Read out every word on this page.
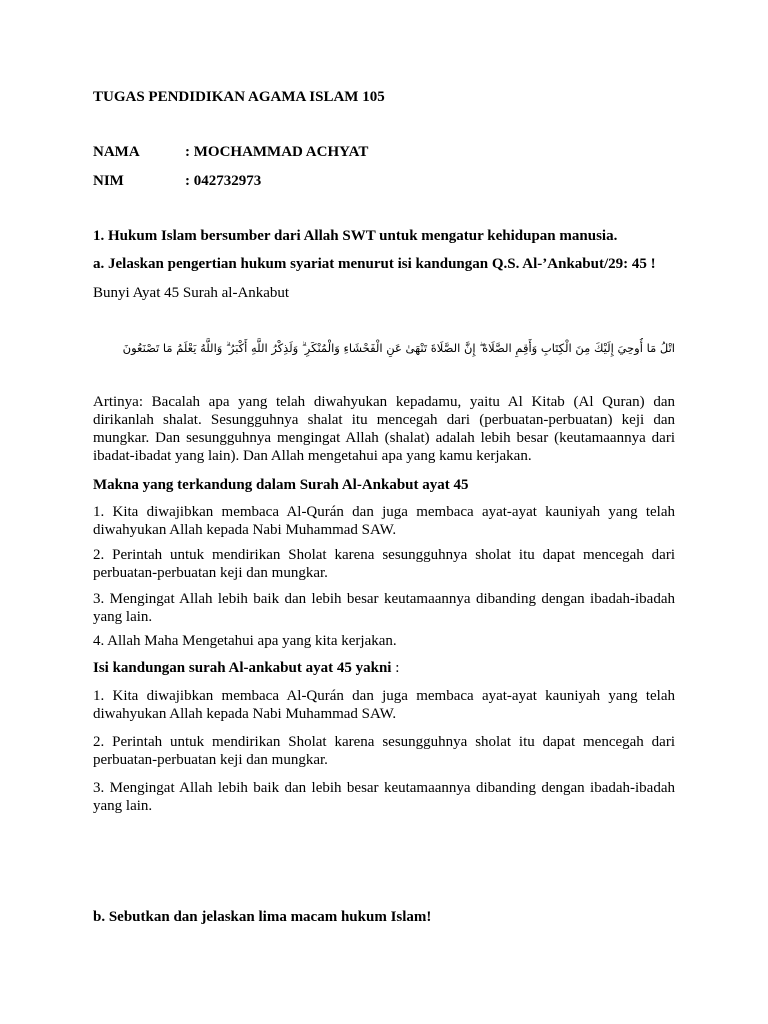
TUGAS PENDIDIKAN AGAMA ISLAM 105
NAMA	: MOCHAMMAD ACHYAT
NIM	: 042732973
1. Hukum Islam bersumber dari Allah SWT untuk mengatur kehidupan manusia.
a. Jelaskan pengertian hukum syariat menurut isi kandungan Q.S. Al-’Ankabut/29: 45 !
Bunyi Ayat 45 Surah al-Ankabut
اتْلُ مَا أُوحِيَ إِلَيْكَ مِنَ الْكِتَابِ وَأَقِمِ الصَّلَاةَ ۖ إِنَّ الصَّلَاةَ تَنْهَىٰ عَنِ الْفَحْشَاءِ وَالْمُنْكَرِ ۗ وَلَذِكْرُ اللَّهِ أَكْبَرُ ۗ وَاللَّهُ يَعْلَمُ مَا تَصْنَعُونَ
Artinya: Bacalah apa yang telah diwahyukan kepadamu, yaitu Al Kitab (Al Quran) dan dirikanlah shalat. Sesungguhnya shalat itu mencegah dari (perbuatan-perbuatan) keji dan mungkar. Dan sesungguhnya mengingat Allah (shalat) adalah lebih besar (keutamaannya dari ibadat-ibadat yang lain). Dan Allah mengetahui apa yang kamu kerjakan.
Makna yang terkandung dalam Surah Al-Ankabut ayat 45
1. Kita diwajibkan membaca Al-Qurán dan juga membaca ayat-ayat kauniyah yang telah diwahyukan Allah kepada Nabi Muhammad SAW.
2. Perintah untuk mendirikan Sholat karena sesungguhnya sholat itu dapat mencegah dari perbuatan-perbuatan keji dan mungkar.
3. Mengingat Allah lebih baik dan lebih besar keutamaannya dibanding dengan ibadah-ibadah yang lain.
4. Allah Maha Mengetahui apa yang kita kerjakan.
Isi kandungan surah Al-ankabut ayat 45 yakni :
1. Kita diwajibkan membaca Al-Qurán dan juga membaca ayat-ayat kauniyah yang telah diwahyukan Allah kepada Nabi Muhammad SAW.
2. Perintah untuk mendirikan Sholat karena sesungguhnya sholat itu dapat mencegah dari perbuatan-perbuatan keji dan mungkar.
3. Mengingat Allah lebih baik dan lebih besar keutamaannya dibanding dengan ibadah-ibadah yang lain.
b. Sebutkan dan jelaskan lima macam hukum Islam!
